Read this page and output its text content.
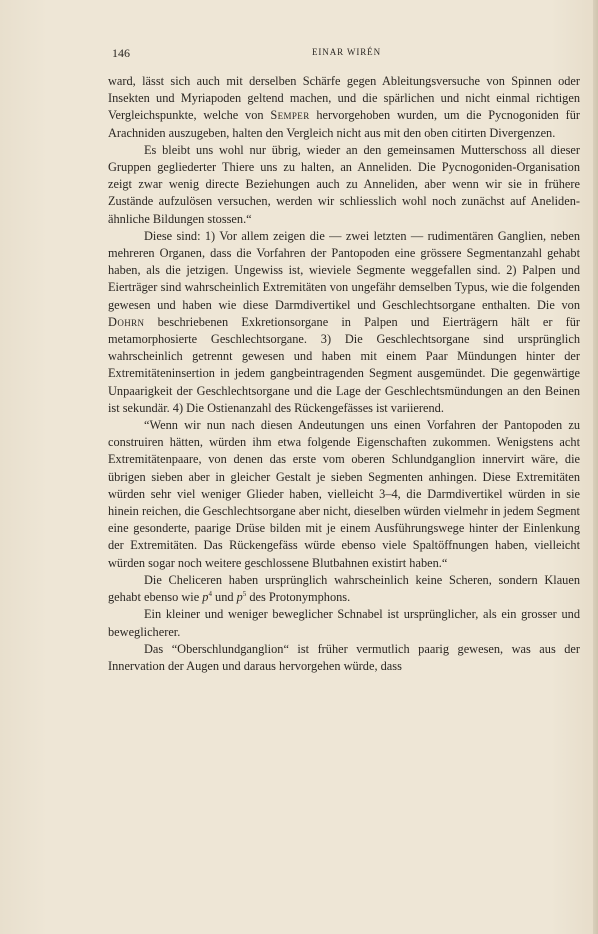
146	EINAR WIRÉN

ward, lässt sich auch mit derselben Schärfe gegen Ableitungsversuche von Spinnen oder Insekten und Myriapoden geltend machen, und die spärlichen und nicht einmal richtigen Vergleichspunkte, welche von Semper hervorgehoben wurden, um die Pycnogoniden für Arachniden auszugeben, halten den Vergleich nicht aus mit den oben citirten Divergenzen.

Es bleibt uns wohl nur übrig, wieder an den gemeinsamen Mutterschoss all dieser Gruppen gegliederter Thiere uns zu halten, an Anneliden. Die Pycnogoniden-Organisation zeigt zwar wenig directe Beziehungen auch zu Anneliden, aber wenn wir sie in frühere Zustände aufzulösen versuchen, werden wir schliesslich wohl noch zunächst auf Aneliden-ähnliche Bildungen stossen.“

Diese sind: 1) Vor allem zeigen die — zwei letzten — rudimentären Ganglien, neben mehreren Organen, dass die Vorfahren der Pantopoden eine grössere Segmentanzahl gehabt haben, als die jetzigen. Ungewiss ist, wieviele Segmente weggefallen sind. 2) Palpen und Eierträger sind wahrscheinlich Extremitäten von ungefähr demselben Typus, wie die folgenden gewesen und haben wie diese Darmdivertikel und Geschlechtsorgane enthalten. Die von Dohrn beschriebenen Exkretionsorgane in Palpen und Eierträgern hält er für metamorphosierte Geschlechtsorgane. 3) Die Geschlechtsorgane sind ursprünglich wahrscheinlich getrennt gewesen und haben mit einem Paar Mündungen hinter der Extremitäteninsertion in jedem gangbeintragenden Segment ausgemündet. Die gegenwärtige Unpaarigkeit der Geschlechtsorgane und die Lage der Geschlechtsmündungen an den Beinen ist sekundär. 4) Die Ostienanzahl des Rückengefässes ist variierend.

“Wenn wir nun nach diesen Andeutungen uns einen Vorfahren der Pantopoden zu construiren hätten, würden ihm etwa folgende Eigenschaften zukommen. Wenigstens acht Extremitätenpaare, von denen das erste vom oberen Schlundganglion innervirt wäre, die übrigen sieben aber in gleicher Gestalt je sieben Segmenten anhingen. Diese Extremitäten würden sehr viel weniger Glieder haben, vielleicht 3–4, die Darmdivertikel würden in sie hinein reichen, die Geschlechtsorgane aber nicht, dieselben würden vielmehr in jedem Segment eine gesonderte, paarige Drüse bilden mit je einem Ausführungswege hinter der Einlenkung der Extremitäten. Das Rückengefäss würde ebenso viele Spaltöffnungen haben, vielleicht würden sogar noch weitere geschlossene Blutbahnen existirt haben.“

Die Cheliceren haben ursprünglich wahrscheinlich keine Scheren, sondern Klauen gehabt ebenso wie $p^4$ und $p^5$ des Protonymphons.

Ein kleiner und weniger beweglicher Schnabel ist ursprünglicher, als ein grosser und beweglicherer.

Das “Oberschlundganglion“ ist früher vermutlich paarig gewesen, was aus der Innervation der Augen und daraus hervorgehen würde, dass
